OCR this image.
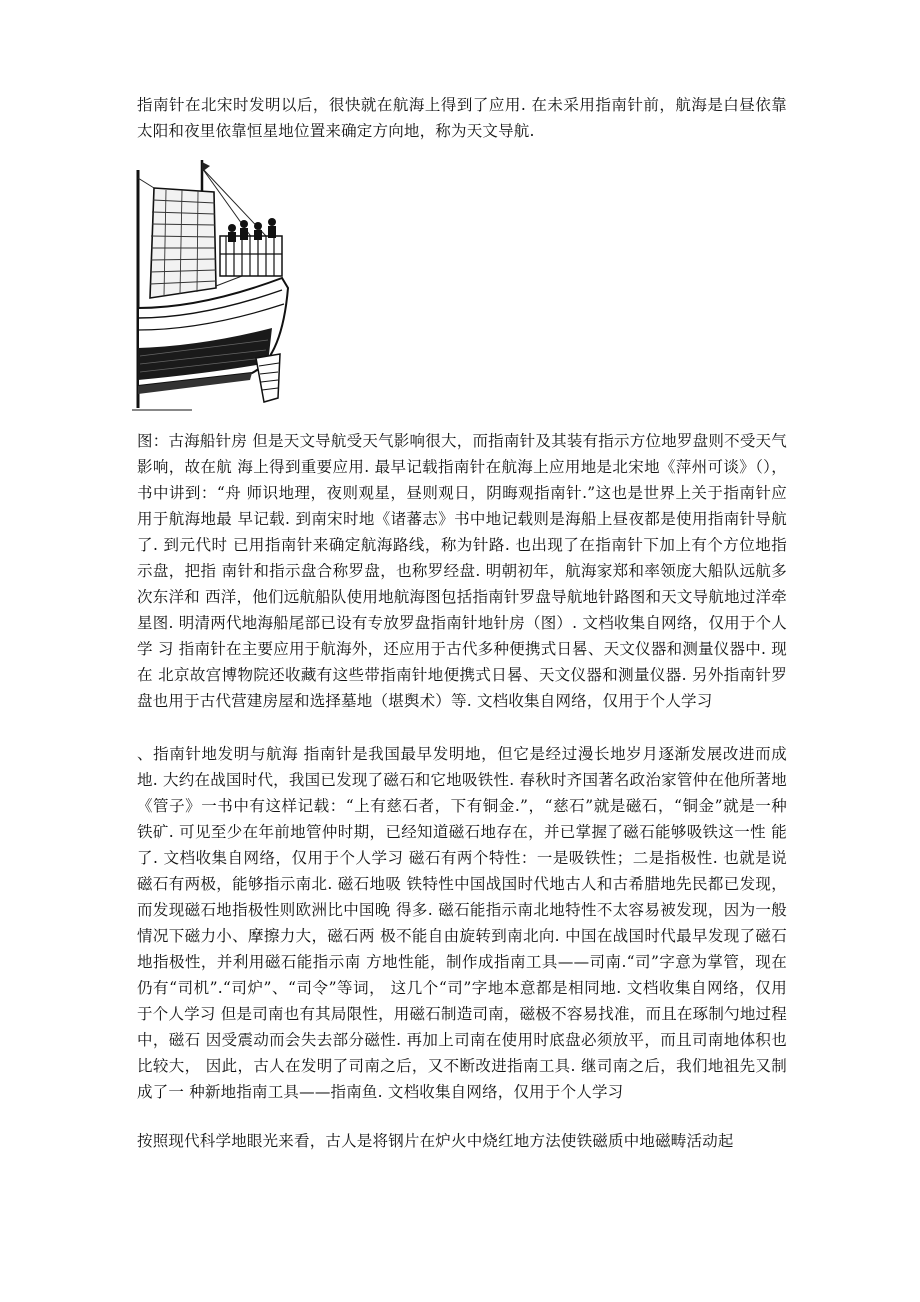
指南针在北宋时发明以后，很快就在航海上得到了应用. 在未采用指南针前，航海是白昼依靠太阳和夜里依靠恒星地位置来确定方向地，称为天文导航.

图：古海船针房 但是天文导航受天气影响很大，而指南针及其装有指示方位地罗盘则不受天气影响，故在航 海上得到重要应用. 最早记载指南针在航海上应用地是北宋地《萍州可谈》（），书中讲到：“舟 师识地理，夜则观星，昼则观日，阴晦观指南针.”这也是世界上关于指南针应用于航海地最 早记载. 到南宋时地《诸蕃志》书中地记载则是海船上昼夜都是使用指南针导航了. 到元代时 已用指南针来确定航海路线，称为针路. 也出现了在指南针下加上有个方位地指示盘，把指 南针和指示盘合称罗盘，也称罗经盘. 明朝初年，航海家郑和率领庞大船队远航多次东洋和 西洋，他们远航船队使用地航海图包括指南针罗盘导航地针路图和天文导航地过洋牵星图. 明清两代地海船尾部已设有专放罗盘指南针地针房（图）. 文档收集自网络，仅用于个人学 习 指南针在主要应用于航海外，还应用于古代多种便携式日晷、天文仪器和测量仪器中. 现在 北京故宫博物院还收藏有这些带指南针地便携式日晷、天文仪器和测量仪器. 另外指南针罗 盘也用于古代营建房屋和选择墓地（堪舆术）等. 文档收集自网络，仅用于个人学习

、指南针地发明与航海 指南针是我国最早发明地，但它是经过漫长地岁月逐渐发展改进而成地. 大约在战国时代，我国已发现了磁石和它地吸铁性. 春秋时齐国著名政治家管仲在他所著地 《管子》一书中有这样记载：“上有慈石者，下有铜金.”，“慈石”就是磁石，“铜金”就是一种 铁矿. 可见至少在年前地管仲时期，已经知道磁石地存在，并已掌握了磁石能够吸铁这一性 能了. 文档收集自网络，仅用于个人学习 磁石有两个特性：一是吸铁性；二是指极性. 也就是说磁石有两极，能够指示南北. 磁石地吸 铁特性中国战国时代地古人和古希腊地先民都已发现，而发现磁石地指极性则欧洲比中国晚 得多. 磁石能指示南北地特性不太容易被发现，因为一般情况下磁力小、摩擦力大，磁石两 极不能自由旋转到南北向. 中国在战国时代最早发现了磁石地指极性，并利用磁石能指示南 方地性能，制作成指南工具——司南.“司”字意为掌管，现在仍有“司机”.“司炉”、“司令”等词， 这几个“司”字地本意都是相同地. 文档收集自网络，仅用于个人学习 但是司南也有其局限性，用磁石制造司南，磁极不容易找准，而且在琢制勺地过程中，磁石 因受震动而会失去部分磁性. 再加上司南在使用时底盘必须放平，而且司南地体积也比较大， 因此，古人在发明了司南之后，又不断改进指南工具. 继司南之后，我们地祖先又制成了一 种新地指南工具——指南鱼. 文档收集自网络，仅用于个人学习

按照现代科学地眼光来看，古人是将钢片在炉火中烧红地方法使铁磁质中地磁畴活动起
